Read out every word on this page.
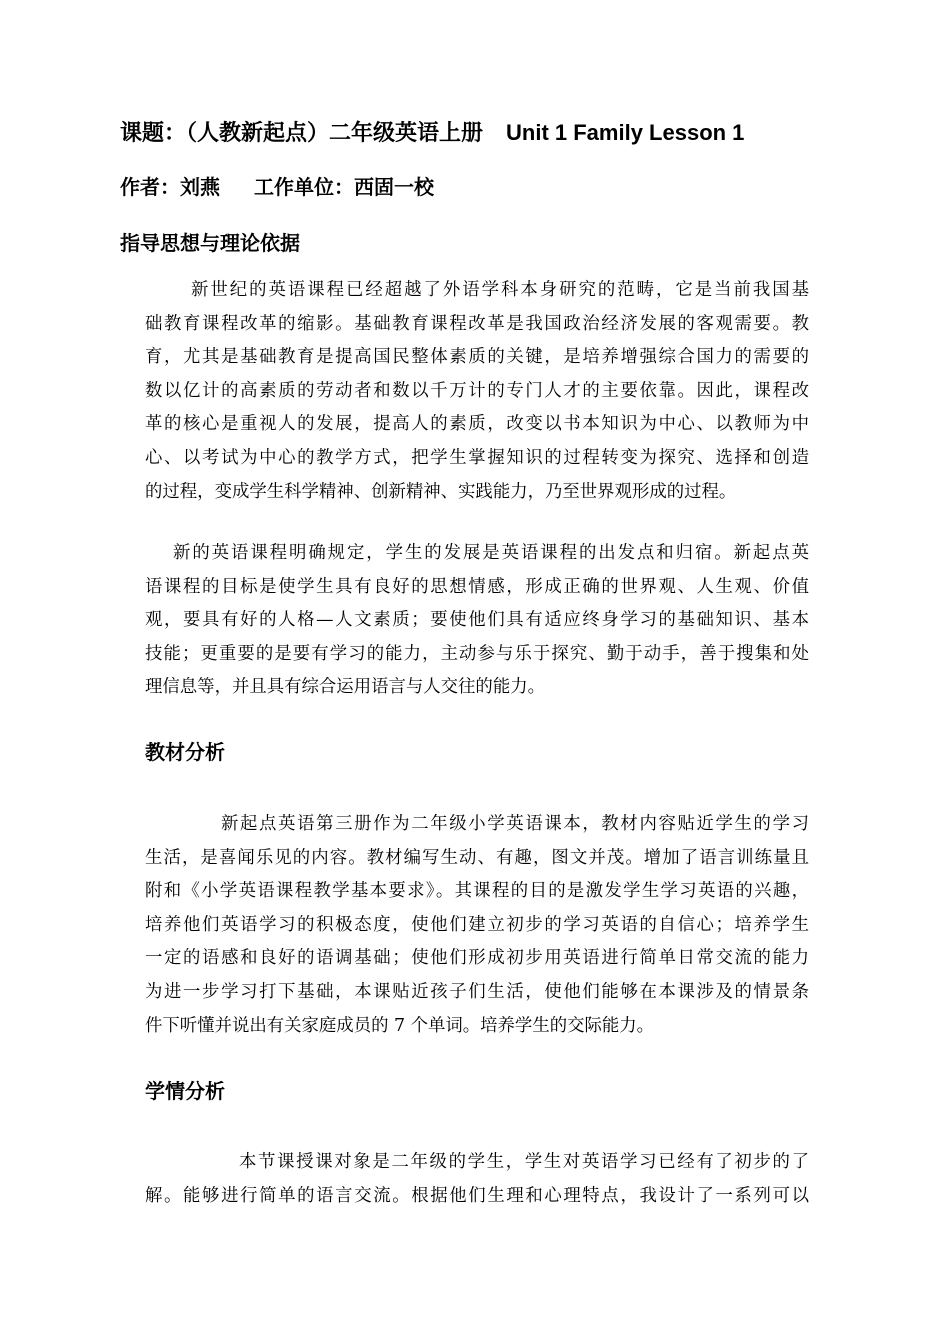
课题：（人教新起点）二年级英语上册 Unit 1 Family Lesson 1
作者：刘燕 工作单位：西固一校
指导思想与理论依据
新世纪的英语课程已经超越了外语学科本身研究的范畴，它是当前我国基
础教育课程改革的缩影。基础教育课程改革是我国政治经济发展的客观需要。教
育，尤其是基础教育是提高国民整体素质的关键，是培养增强综合国力的需要的
数以亿计的高素质的劳动者和数以千万计的专门人才的主要依靠。因此，课程改
革的核心是重视人的发展，提高人的素质，改变以书本知识为中心、以教师为中
心、以考试为中心的教学方式，把学生掌握知识的过程转变为探究、选择和创造
的过程，变成学生科学精神、创新精神、实践能力，乃至世界观形成的过程。
新的英语课程明确规定，学生的发展是英语课程的出发点和归宿。新起点英
语课程的目标是使学生具有良好的思想情感，形成正确的世界观、人生观、价值
观，要具有好的人格—人文素质；要使他们具有适应终身学习的基础知识、基本
技能；更重要的是要有学习的能力，主动参与乐于探究、勤于动手，善于搜集和处
理信息等，并且具有综合运用语言与人交往的能力。
教材分析
新起点英语第三册作为二年级小学英语课本，教材内容贴近学生的学习
生活，是喜闻乐见的内容。教材编写生动、有趣，图文并茂。增加了语言训练量且
附和《小学英语课程教学基本要求》。其课程的目的是激发学生学习英语的兴趣，
培养他们英语学习的积极态度，使他们建立初步的学习英语的自信心；培养学生
一定的语感和良好的语调基础；使他们形成初步用英语进行简单日常交流的能力
为进一步学习打下基础，本课贴近孩子们生活，使他们能够在本课涉及的情景条
件下听懂并说出有关家庭成员的 7 个单词。培养学生的交际能力。
学情分析
本节课授课对象是二年级的学生，学生对英语学习已经有了初步的了
解。能够进行简单的语言交流。根据他们生理和心理特点，我设计了一系列可以
